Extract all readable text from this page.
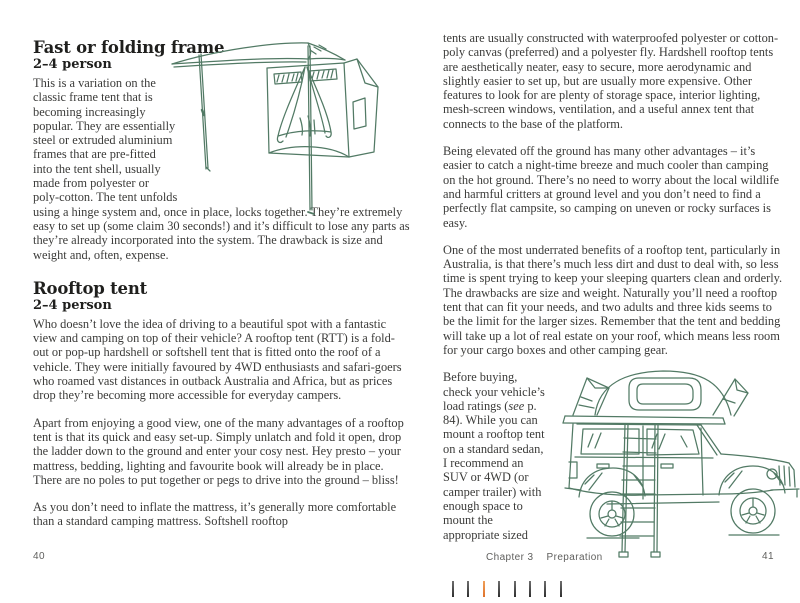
Fast or folding frame
2–4 person

This is a variation on the classic frame tent that is becoming increasingly popular. They are essentially steel or extruded aluminium frames that are pre-fitted into the tent shell, usually made from polyester or poly-cotton. The tent unfolds using a hinge system and, once in place, locks together. They’re extremely easy to set up (some claim 30 seconds!) and it’s difficult to lose any parts as they’re already incorporated into the system. The drawback is size and weight and, often, expense.

Rooftop tent
2–4 person

Who doesn’t love the idea of driving to a beautiful spot with a fantastic view and camping on top of their vehicle? A rooftop tent (RTT) is a fold-out or pop-up hardshell or softshell tent that is fitted onto the roof of a vehicle. They were initially favoured by 4WD enthusiasts and safari-goers who roamed vast distances in outback Australia and Africa, but as prices drop they’re becoming more accessible for everyday campers.

Apart from enjoying a good view, one of the many advantages of a rooftop tent is that its quick and easy set-up. Simply unlatch and fold it open, drop the ladder down to the ground and enter your cosy nest. Hey presto – your mattress, bedding, lighting and favourite book will already be in place. There are no poles to put together or pegs to drive into the ground – bliss!

As you don’t need to inflate the mattress, it’s generally more comfortable than a standard camping mattress. Softshell rooftop

tents are usually constructed with waterproofed polyester or cotton-poly canvas (preferred) and a polyester fly. Hardshell rooftop tents are aesthetically neater, easy to secure, more aerodynamic and slightly easier to set up, but are usually more expensive. Other features to look for are plenty of storage space, interior lighting, mesh-screen windows, ventilation, and a useful annex tent that connects to the base of the platform.

Being elevated off the ground has many other advantages – it’s easier to catch a night-time breeze and much cooler than camping on the hot ground. There’s no need to worry about the local wildlife and harmful critters at ground level and you don’t need to find a perfectly flat campsite, so camping on uneven or rocky surfaces is easy.

One of the most underrated benefits of a rooftop tent, particularly in Australia, is that there’s much less dirt and dust to deal with, so less time is spent trying to keep your sleeping quarters clean and orderly. The drawbacks are size and weight. Naturally you’ll need a rooftop tent that can fit your needs, and two adults and three kids seems to be the limit for the larger sizes. Remember that the tent and bedding will take up a lot of real estate on your roof, which means less room for your cargo boxes and other camping gear.

Before buying, check your vehicle’s load ratings (see p. 84). While you can mount a rooftop tent on a standard sedan, I recommend an SUV or 4WD (or camper trailer) with enough space to mount the appropriate sized

40	Chapter 3 Preparation	41
